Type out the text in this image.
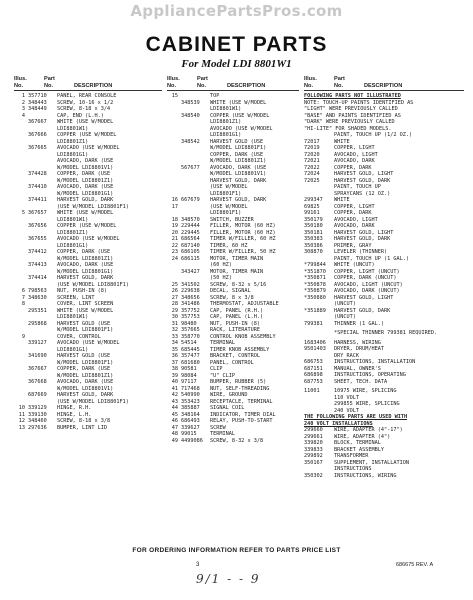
AppliancePartsPros.com
CABINET PARTS
For Model LDI 8801W1
Illus.
No.
Part
No.	DESCRIPTION
1 357710	PANEL, REAR CONSOLE
2 348443	SCREW, 10-16 x 1/2
3 348449	SCREW, 8-18 x 3/4
4	CAP, END (L.H.)
367667	WHITE (USE W/MODEL
LDI8801W1)
367666	COPPER (USE W/MODEL
LDI8801Z1)
367665	AVOCADO (USE W/MODEL
LDI8801G1)
AVOCADO, DARK (USE
W/MODEL LDI8801V1)
374428	COPPER, DARK (USE
W/MODEL LDI8801Z1)
374410	AVOCADO, DARK (USE
W/MODEL LDI8801G1)
374411	HARVEST GOLD, DARK
(USE W/MODEL LDI8801F1)
5 367657	WHITE (USE W/MODEL
LDI8801W1)
367656	COPPER (USE W/MODEL
LDI8801Z1)
367655	AVOCADO (USE W/MODEL
LDI8801G1)
374412	COPPER, DARK (USE
W/MODEL LDI8801Z1)
374413	AVOCADO, DARK (USE
W/MODEL LDI8801G1)
374414	HARVEST GOLD, DARK
(USE W/MODEL LDI8801F1)
6 798563	NUT, PUSH-IN (8)
7 348630	SCREEN, LINT
8	COVER, LINT SCREEN
295351	WHITE (USE W/MODEL
LDI8801W1)
295868	HARVEST GOLD (USE
W/MODEL LDI8801F1)
9	COVER, CONTROL
339127	AVOCADO (USE W/MODEL
LDI8801G1)
341690	HARVEST GOLD (USE
W/MODEL LDI8801F1)
367667	COPPER, DARK (USE
W/MODEL LDI8801Z1)
367668	AVOCADO, DARK (USE
W/MODEL LDI8801V1)
687669	HARVEST GOLD, DARK
(USE W/MODEL LDI8801F1)
10 339129	HINGE, R.H.
11 339130	HINGE, L.H.
12 348460	SCREW, 8-18 x 3/8
13 297636	BUMPER, LINT LID
Illus.
No.
Part
No.	DESCRIPTION
15	TOP
348539	WHITE (USE W/MODEL
LDI8801W1)
348540	COPPER (USE W/MODEL
LDI8801Z1)
AVOCADO (USE W/MODEL
LDI8801G1)
348542	HARVEST GOLD (USE
W/MODEL LDI8801F1)
COPPER, DARK (USE
W/MODEL LDI8801Z1)
567677	AVOCADO, DARK (USE
W/MODEL LDI8801V1)
HARVEST GOLD, DARK
(USE W/MODEL
LDI8801F1)
16 667679	HARVEST GOLD, DARK
17	(USE W/MODEL
LDI8801F1)
18 348570	SWITCH, BUZZER
19 229444	FILLER, MOTOR (60 HZ)
20 229445	FILLER, MOTOR (60 HZ)
21 686564	TIMER W/FILLER, 60 HZ
22 687140	TIMER, 60 HZ
23 686105	TIMER W/FILLER, 50 HZ
24 686115	MOTOR, TIMER MAIN
(60 HZ)
343427	MOTOR, TIMER MAIN
(50 HZ)
25 341502	SCREW, 8-32 x 5/16
26 229638	DECAL, SIGNAL
27 348656	SCREW, 8 x 3/8
28 341486	THERMOSTAT, ADJUSTABLE
29 357752	CAP, PANEL (R.H.)
30 357753	CAP, PANEL (L.H.)
31 98480	NUT, PUSH-IN (8)
32 357665	RACK, LITERATURE
33 358770	CONTROL KNOB ASSEMBLY
34 54514	TERMINAL
35 685445	TIMER KNOB ASSEMBLY
36 357477	BRACKET, CONTROL
37 681680	PANEL, CONTROL
38 90581	CLIP
39 98084	"U" CLIP
40 97117	BUMPER, RUBBER (5)
41 717468	NUT, SELF-THREADING
42 540990	WIRE, GROUND
43 353423	RECEPTACLE, TERMINAL
44 385887	SIGNAL COIL
45 348164	INDICATOR, TIMER DIAL
46 686493	RELAY, PUSH-TO-START
47 339627	SCREW
48 99015	TERMINAL
49 4499086	SCREW, 8-32 x 3/8
Illus.
No.
Part
No.	DESCRIPTION
FOLLOWING PARTS NOT ILLUSTRATED
NOTE: TOUCH-UP PAINTS IDENTIFIED AS
"LIGHT" WERE PREVIOUSLY CALLED
"BASE" AND PAINTS IDENTIFIED AS
"DARK" WERE PREVIOUSLY CALLED
"HI-LITE" FOR SHADED MODELS.
PAINT, TOUCH UP (1/2 OZ.)
72017	WHITE
72019	COPPER, LIGHT
72020	AVOCADO, LIGHT
72021	AVOCADO, DARK
72022	COPPER, DARK
72024	HARVEST GOLD, LIGHT
72025	HARVEST GOLD, DARK
PAINT, TOUCH UP
SPRAYCANS (12 OZ.)
299347	WHITE
69825	COPPER, LIGHT
99161	COPPER, DARK
350179	AVOCADO, LIGHT
350180	AVOCADO, DARK
350181	HARVEST GOLD, LIGHT
350383	HARVEST GOLD, DARK
350386	PRIMER, GRAY
308870	LEVELER (THINNER)
PAINT, TOUCH UP (1 GAL.)
*799844	WHITE (UNCUT)
*351870	COPPER, LIGHT (UNCUT)
*350871	COPPER, DARK (UNCUT)
*350878	AVOCADO, LIGHT (UNCUT)
*350879	AVOCADO, DARK (UNCUT)
*350880	HARVEST GOLD, LIGHT
(UNCUT)
*351889	HARVEST GOLD, DARK
(UNCUT)
799381	THINNER (1 GAL.)
*SPECIAL THINNER 799381 REQUIRED.
1683406	HARNESS, WIRING
9501403	DRYER, DRUM/HEAT
DRY RACK
686753	INSTRUCTIONS, INSTALLATION
687151	MANUAL, OWNER'S
686898	INSTRUCTIONS, OPERATING
687753	SHEET, TECH. DATA
11001	10975 WIRE, SPLICING
110 VOLT
299855 WIRE, SPLICING
240 VOLT
THE FOLLOWING PARTS ARE USED WITH
240 VOLT INSTALLATIONS
299660	WIRE, ADAPTER (4"-17")
299661	WIRE, ADAPTER (4")
339820	BLOCK, TERMINAL
339833	BRACKET ASSEMBLY
299892	TRANSFORMER
350167	SUPPLEMENT, INSTALLATION
INSTRUCTIONS
350302	INSTRUCTIONS, WIRING
FOR ORDERING INFORMATION REFER TO PARTS PRICE LIST
3	686675 REV. A
9/1 - - 9
